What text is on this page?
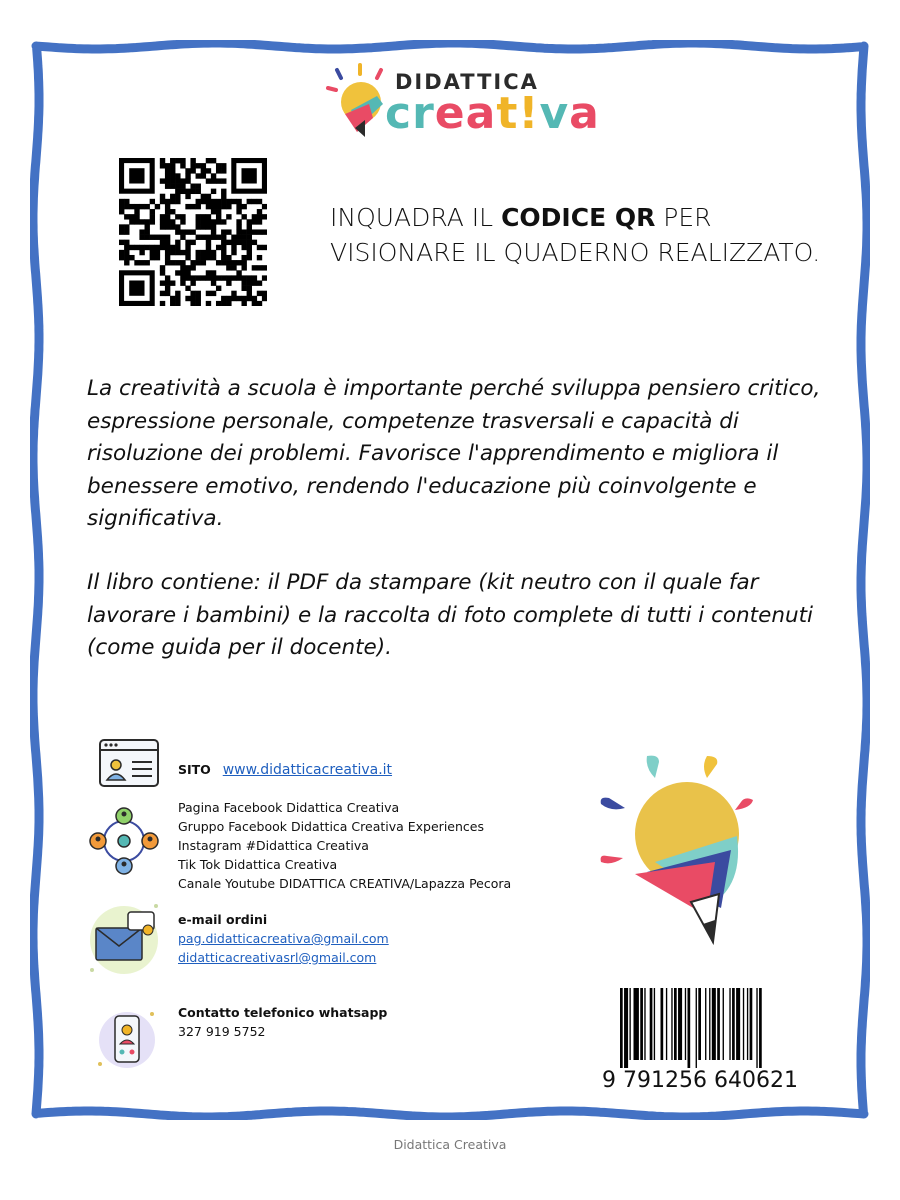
DIDATTICA
creat!va
INQUADRA IL CODICE QR PER VISIONARE IL QUADERNO REALIZZATO.

La creatività a scuola è importante perché sviluppa pensiero critico, espressione personale, competenze trasversali e capacità di risoluzione dei problemi. Favorisce l'apprendimento e migliora il benessere emotivo, rendendo l'educazione più coinvolgente e significativa.

Il libro contiene: il PDF da stampare (kit neutro con il quale far lavorare i bambini) e la raccolta di foto complete di tutti i contenuti (come guida per il docente).

SITO www.didatticacreativa.it
Pagina Facebook Didattica Creativa
Gruppo Facebook Didattica Creativa Experiences
Instagram #Didattica Creativa
Tik Tok Didattica Creativa
Canale Youtube DIDATTICA CREATIVA/Lapazza Pecora
e-mail ordini
pag.didatticacreativa@gmail.com
didatticacreativasrl@gmail.com
Contatto telefonico whatsapp
327 919 5752
9 791256 640621
Didattica Creativa
